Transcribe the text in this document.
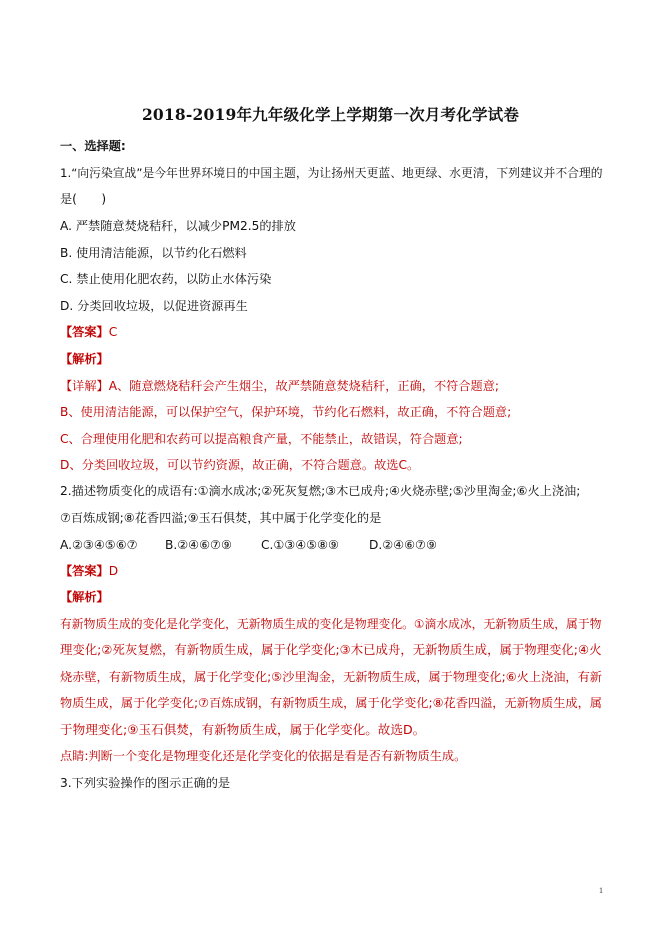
2018-2019年九年级化学上学期第一次月考化学试卷
一、选择题:
1.“向污染宣战”是今年世界环境日的中国主题，为让扬州天更蓝、地更绿、水更清，下列建议并不合理的
是(　　)
A. 严禁随意焚烧秸秆，以减少PM2.5的排放
B. 使用清洁能源，以节约化石燃料
C. 禁止使用化肥农药，以防止水体污染
D. 分类回收垃圾，以促进资源再生
【答案】C
【解析】
【详解】A、随意燃烧秸秆会产生烟尘，故严禁随意焚烧秸秆，正确，不符合题意;
B、使用清洁能源，可以保护空气，保护环境，节约化石燃料，故正确，不符合题意;
C、合理使用化肥和农药可以提高粮食产量，不能禁止，故错误，符合题意;
D、分类回收垃圾，可以节约资源，故正确，不符合题意。故选C。
2.描述物质变化的成语有:①滴水成冰;②死灰复燃;③木已成舟;④火烧赤壁;⑤沙里淘金;⑥火上浇油;
⑦百炼成钢;⑧花香四溢;⑨玉石俱焚，其中属于化学变化的是
A.②③④⑤⑥⑦ B.②④⑥⑦⑨ C.①③④⑤⑧⑨ D.②④⑥⑦⑨
【答案】D
【解析】
有新物质生成的变化是化学变化，无新物质生成的变化是物理变化。①滴水成冰，无新物质生成，属于物
理变化;②死灰复燃，有新物质生成，属于化学变化;③木已成舟，无新物质生成，属于物理变化;④火
烧赤壁，有新物质生成，属于化学变化;⑤沙里淘金，无新物质生成，属于物理变化;⑥火上浇油，有新
物质生成，属于化学变化;⑦百炼成钢，有新物质生成，属于化学变化;⑧花香四溢，无新物质生成，属
于物理变化;⑨玉石俱焚，有新物质生成，属于化学变化。故选D。
点睛:判断一个变化是物理变化还是化学变化的依据是看是否有新物质生成。
3.下列实验操作的图示正确的是
1
